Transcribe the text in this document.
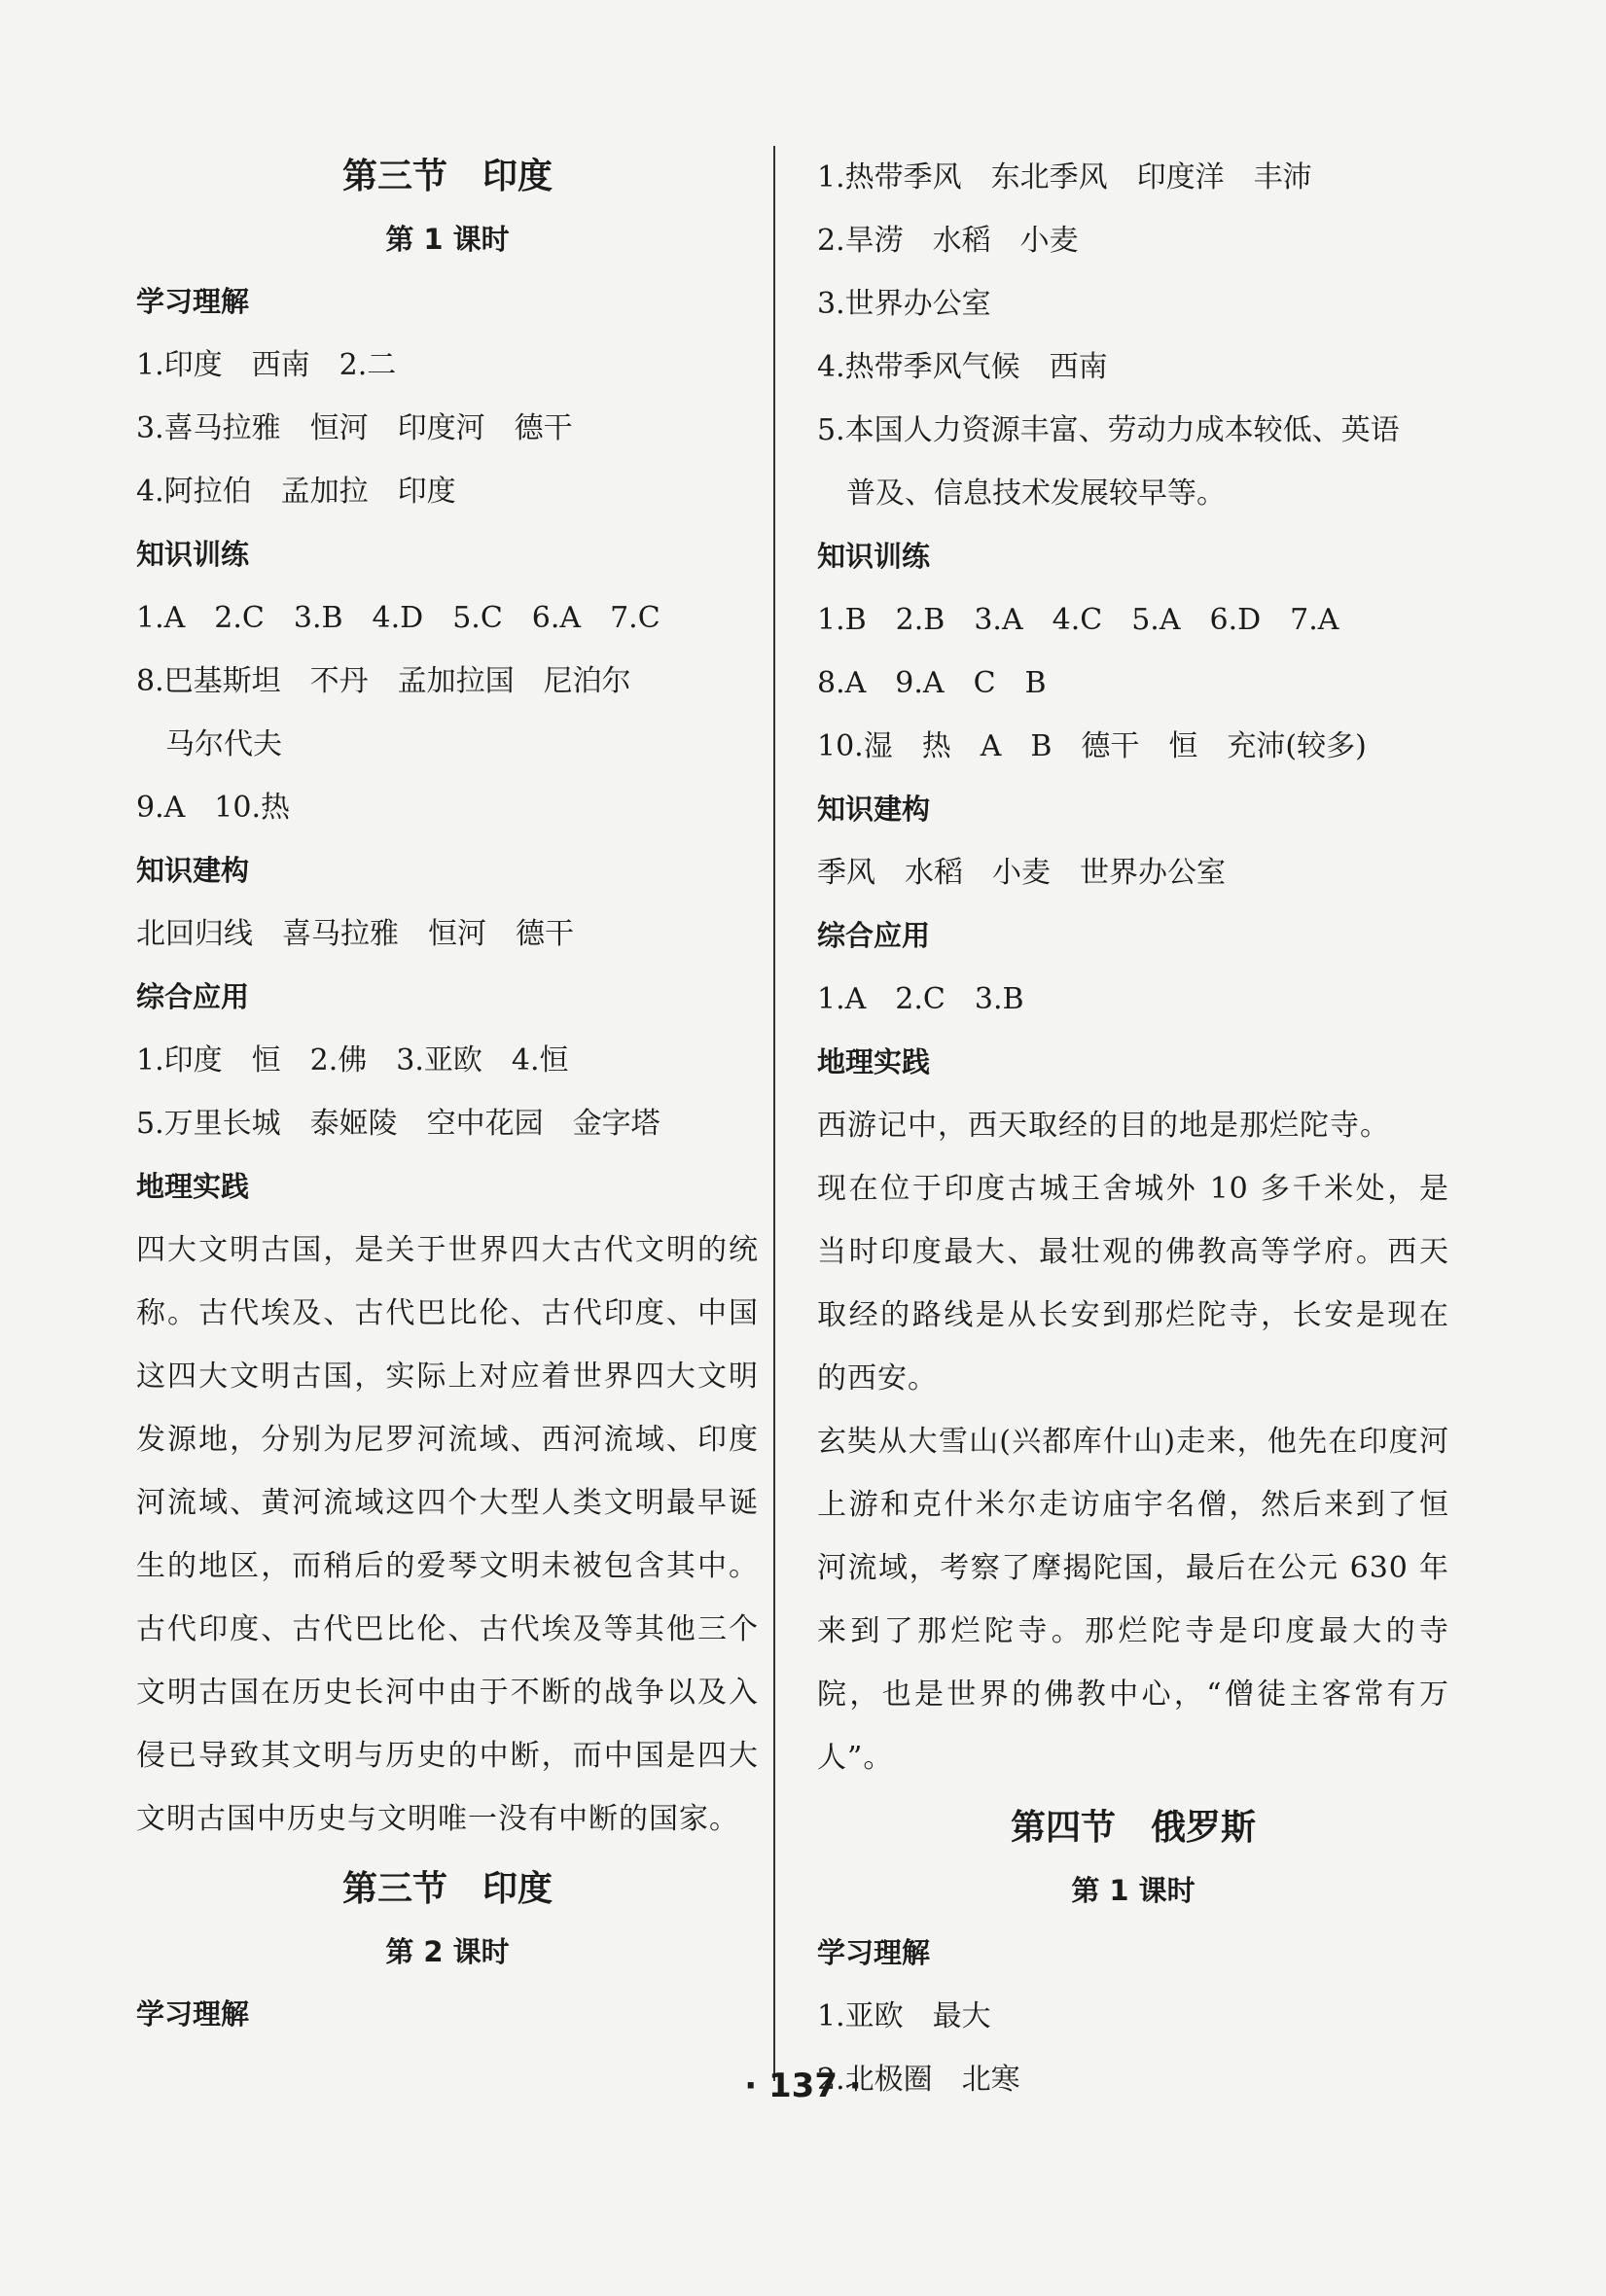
第三节　印度
第 1 课时
学习理解
1.印度　西南　2.二
3.喜马拉雅　恒河　印度河　德干
4.阿拉伯　孟加拉　印度
知识训练
1.A　2.C　3.B　4.D　5.C　6.A　7.C
8.巴基斯坦　不丹　孟加拉国　尼泊尔
马尔代夫
9.A　10.热
知识建构
北回归线　喜马拉雅　恒河　德干
综合应用
1.印度　恒　2.佛　3.亚欧　4.恒
5.万里长城　泰姬陵　空中花园　金字塔
地理实践
四大文明古国，是关于世界四大古代文明的统称。古代埃及、古代巴比伦、古代印度、中国这四大文明古国，实际上对应着世界四大文明发源地，分别为尼罗河流域、西河流域、印度河流域、黄河流域这四个大型人类文明最早诞生的地区，而稍后的爱琴文明未被包含其中。古代印度、古代巴比伦、古代埃及等其他三个文明古国在历史长河中由于不断的战争以及入侵已导致其文明与历史的中断，而中国是四大文明古国中历史与文明唯一没有中断的国家。
第三节　印度
第 2 课时
学习理解
1.热带季风　东北季风　印度洋　丰沛
2.旱涝　水稻　小麦
3.世界办公室
4.热带季风气候　西南
5.本国人力资源丰富、劳动力成本较低、英语
普及、信息技术发展较早等。
知识训练
1.B　2.B　3.A　4.C　5.A　6.D　7.A
8.A　9.A　C　B
10.湿　热　A　B　德干　恒　充沛(较多)
知识建构
季风　水稻　小麦　世界办公室
综合应用
1.A　2.C　3.B
地理实践
西游记中，西天取经的目的地是那烂陀寺。
现在位于印度古城王舍城外 10 多千米处，是当时印度最大、最壮观的佛教高等学府。西天取经的路线是从长安到那烂陀寺，长安是现在的西安。
玄奘从大雪山(兴都库什山)走来，他先在印度河上游和克什米尔走访庙宇名僧，然后来到了恒河流域，考察了摩揭陀国，最后在公元 630 年来到了那烂陀寺。那烂陀寺是印度最大的寺院，也是世界的佛教中心，“僧徒主客常有万人”。
第四节　俄罗斯
第 1 课时
学习理解
1.亚欧　最大
2.北极圈　北寒
· 137 ·
